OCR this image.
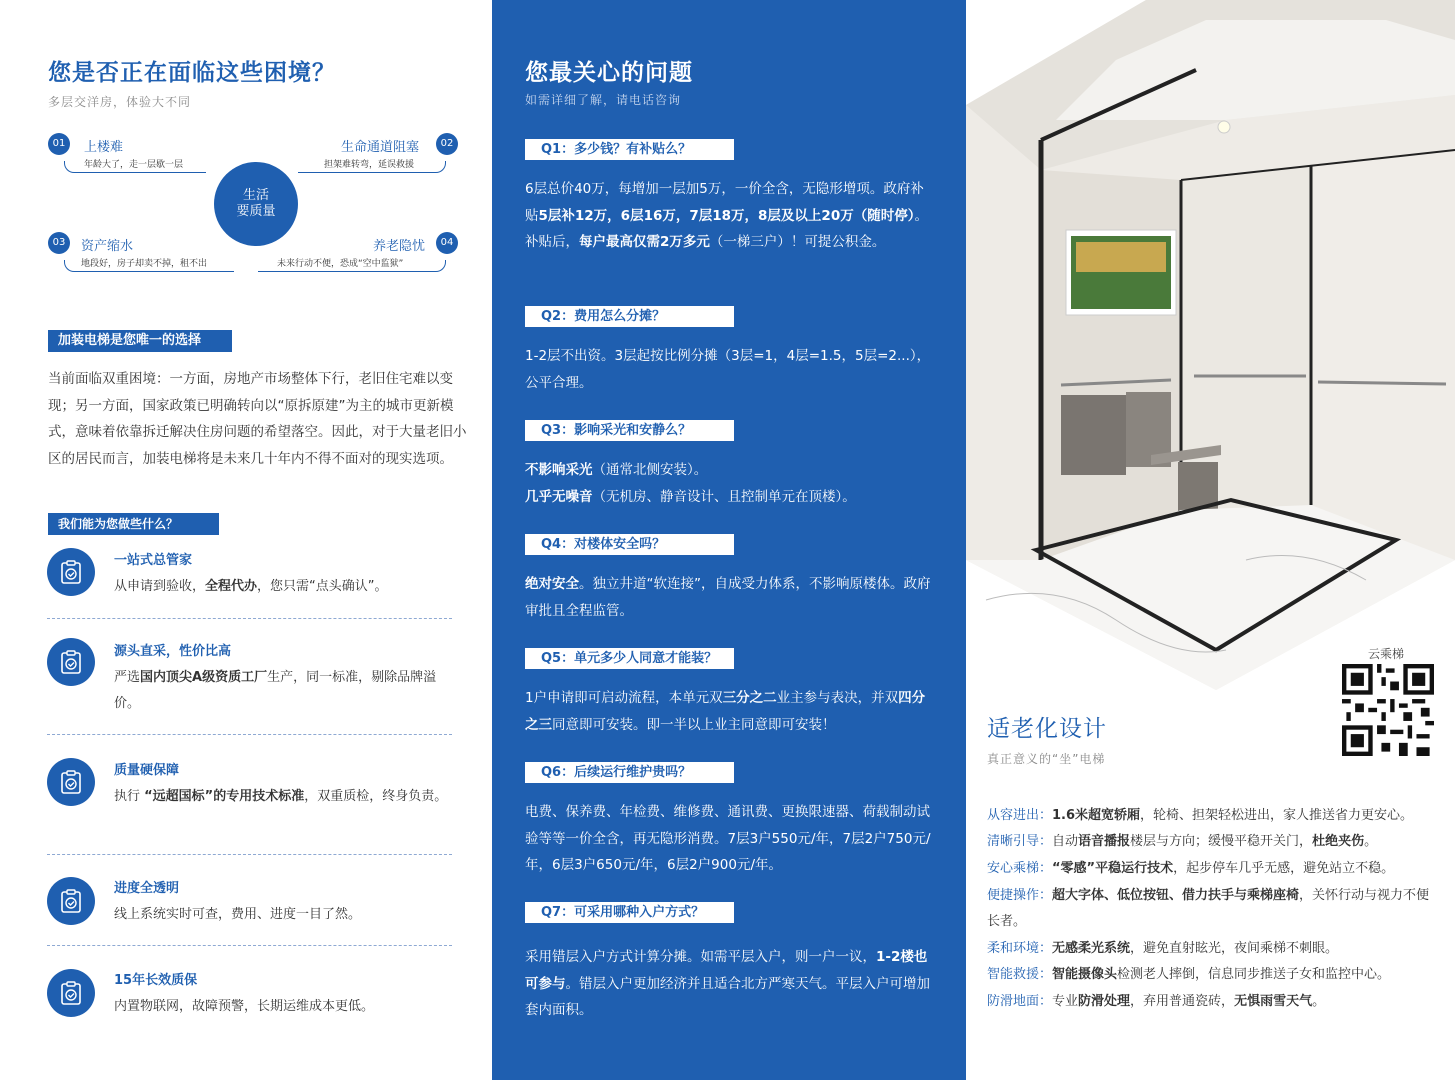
您是否正在面临这些困境？
多层交洋房，体验大不同
01	上楼难
年龄大了，走一层歇一层
02
生命通道阻塞
担架难转弯，延误救援
03	资产缩水
地段好，房子却卖不掉，租不出
04
养老隐忧
未来行动不便，恐成“空中监狱”
生活
要质量
加装电梯是您唯一的选择
当前面临双重困境：一方面，房地产市场整体下行，老旧住宅难以变现；另一方面，国家政策已明确转向以“原拆原建”为主的城市更新模式，意味着依靠拆迁解决住房问题的希望落空。因此，对于大量老旧小区的居民而言，加装电梯将是未来几十年内不得不面对的现实选项。
我们能为您做些什么？
一站式总管家
从申请到验收，全程代办，您只需“点头确认”。
源头直采，性价比高
严选国内顶尖A级资质工厂生产，同一标准，剔除品牌溢价。
质量硬保障
执行 “远超国标”的专用技术标准，双重质检，终身负责。
进度全透明
线上系统实时可查，费用、进度一目了然。
15年长效质保
内置物联网，故障预警，长期运维成本更低。
您最关心的问题
如需详细了解，请电话咨询
Q1：多少钱？有补贴么？
6层总价40万，每增加一层加5万，一价全含，无隐形增项。政府补贴5层补12万，6层16万，7层18万，8层及以上20万（随时停）。补贴后，每户最高仅需2万多元（一梯三户）！可提公积金。
Q2：费用怎么分摊？
1-2层不出资。3层起按比例分摊（3层=1，4层=1.5，5层=2...），公平合理。
Q3：影响采光和安静么？
不影响采光（通常北侧安装）。
几乎无噪音（无机房、静音设计、且控制单元在顶楼）。
Q4：对楼体安全吗？
绝对安全。独立井道“软连接”，自成受力体系，不影响原楼体。政府审批且全程监管。
Q5：单元多少人同意才能装？
1户申请即可启动流程，本单元双三分之二业主参与表决，并双四分之三同意即可安装。即一半以上业主同意即可安装！
Q6：后续运行维护贵吗？
电费、保养费、年检费、维修费、通讯费、更换限速器、荷载制动试验等等一价全含，再无隐形消费。7层3户550元/年，7层2户750元/年，6层3户650元/年，6层2户900元/年。
Q7：可采用哪种入户方式？
采用错层入户方式计算分摊。如需平层入户，则一户一议，1-2楼也可参与。错层入户更加经济并且适合北方严寒天气。平层入户可增加套内面积。
云乘梯
适老化设计
真正意义的“坐”电梯
从容进出：1.6米超宽轿厢，轮椅、担架轻松进出，家人推送省力更安心。
清晰引导：自动语音播报楼层与方向；缓慢平稳开关门，杜绝夹伤。
安心乘梯：“零感”平稳运行技术，起步停车几乎无感，避免站立不稳。
便捷操作：超大字体、低位按钮、借力扶手与乘梯座椅，关怀行动与视力不便长者。
柔和环境：无感柔光系统，避免直射眩光，夜间乘梯不刺眼。
智能救援：智能摄像头检测老人摔倒，信息同步推送子女和监控中心。
防滑地面：专业防滑处理，弃用普通瓷砖，无惧雨雪天气。
